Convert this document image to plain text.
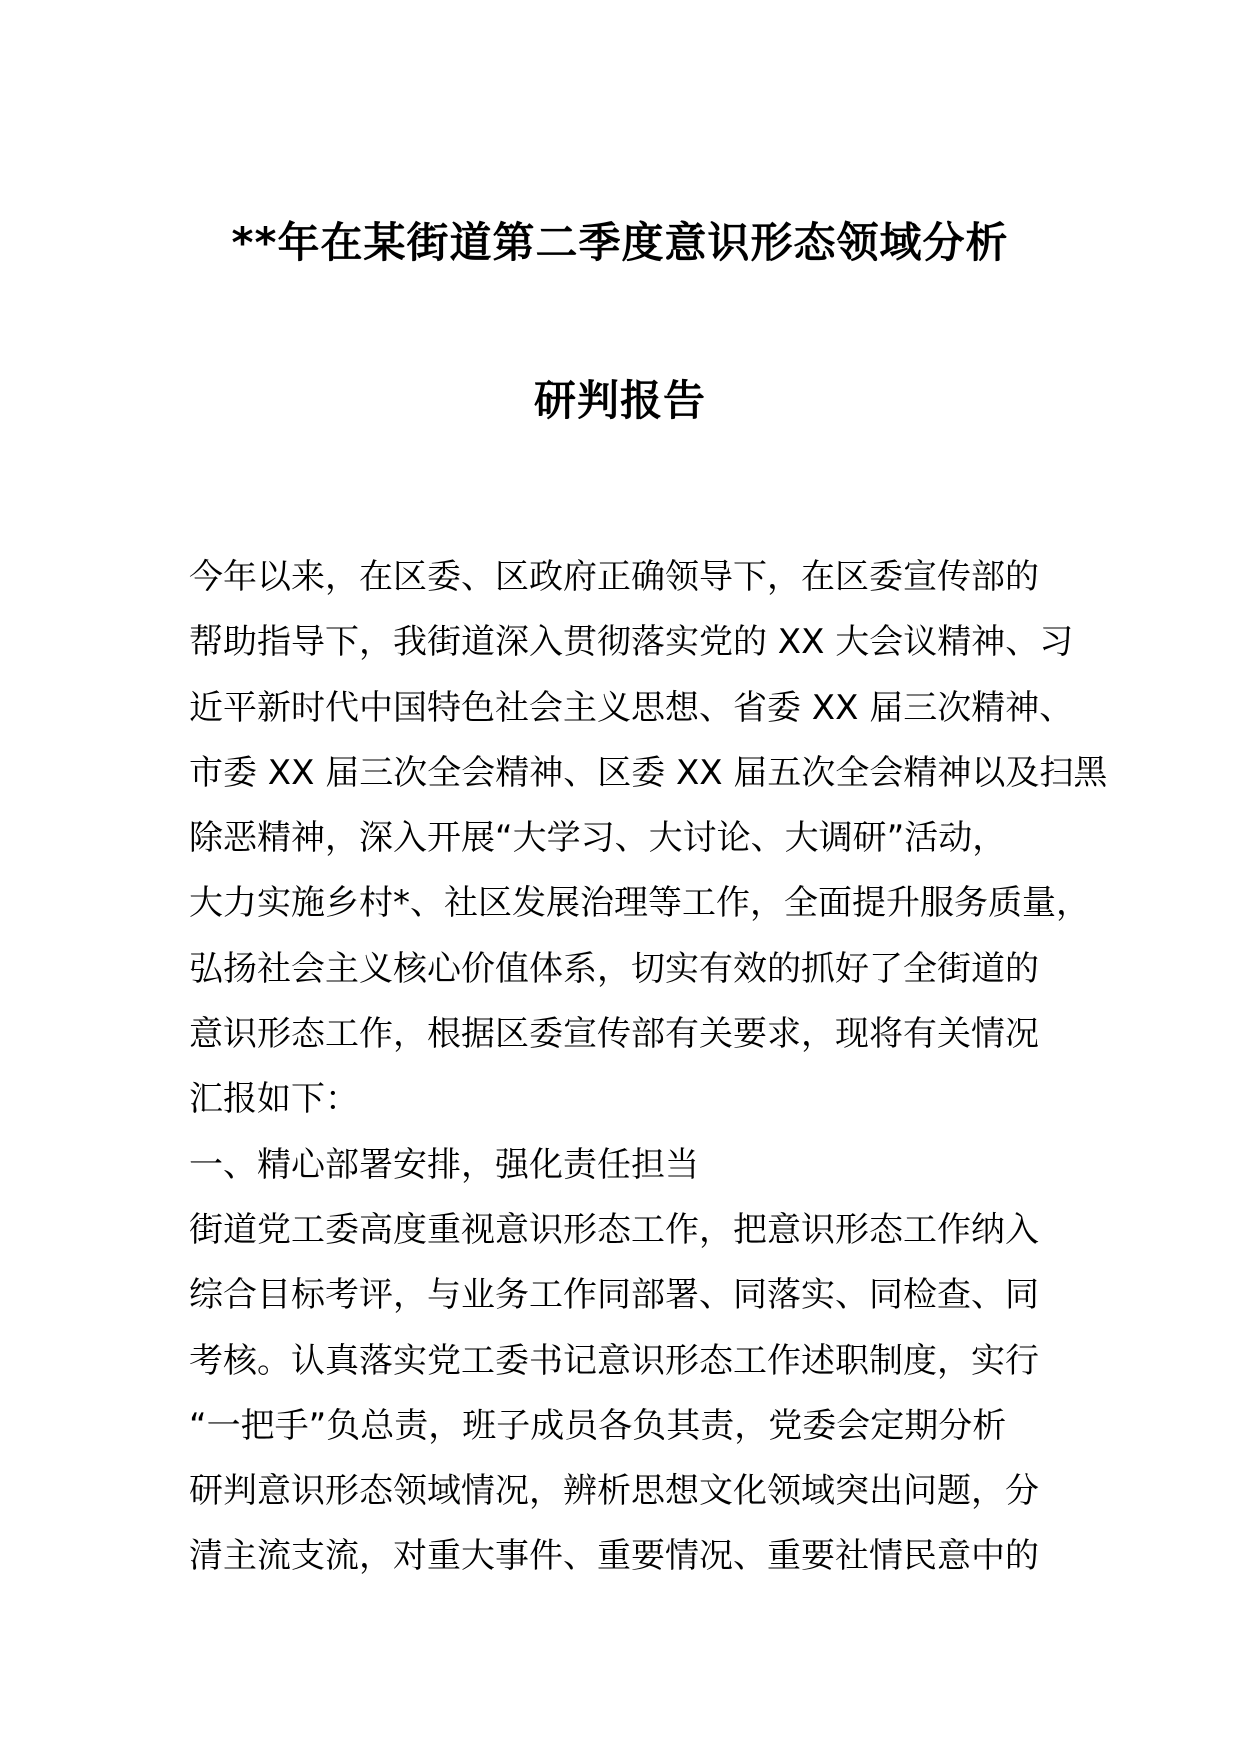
**年在某街道第二季度意识形态领域分析
研判报告
今年以来，在区委、区政府正确领导下，在区委宣传部的
帮助指导下，我街道深入贯彻落实党的 XX 大会议精神、习
近平新时代中国特色社会主义思想、省委 XX 届三次精神、
市委 XX 届三次全会精神、区委 XX 届五次全会精神以及扫黑
除恶精神，深入开展“大学习、大讨论、大调研”活动，
大力实施乡村*、社区发展治理等工作，全面提升服务质量，
弘扬社会主义核心价值体系，切实有效的抓好了全街道的
意识形态工作，根据区委宣传部有关要求，现将有关情况
汇报如下：
一、精心部署安排，强化责任担当
街道党工委高度重视意识形态工作，把意识形态工作纳入
综合目标考评，与业务工作同部署、同落实、同检查、同
考核。认真落实党工委书记意识形态工作述职制度，实行
“一把手”负总责，班子成员各负其责，党委会定期分析
研判意识形态领域情况，辨析思想文化领域突出问题，分
清主流支流，对重大事件、重要情况、重要社情民意中的
